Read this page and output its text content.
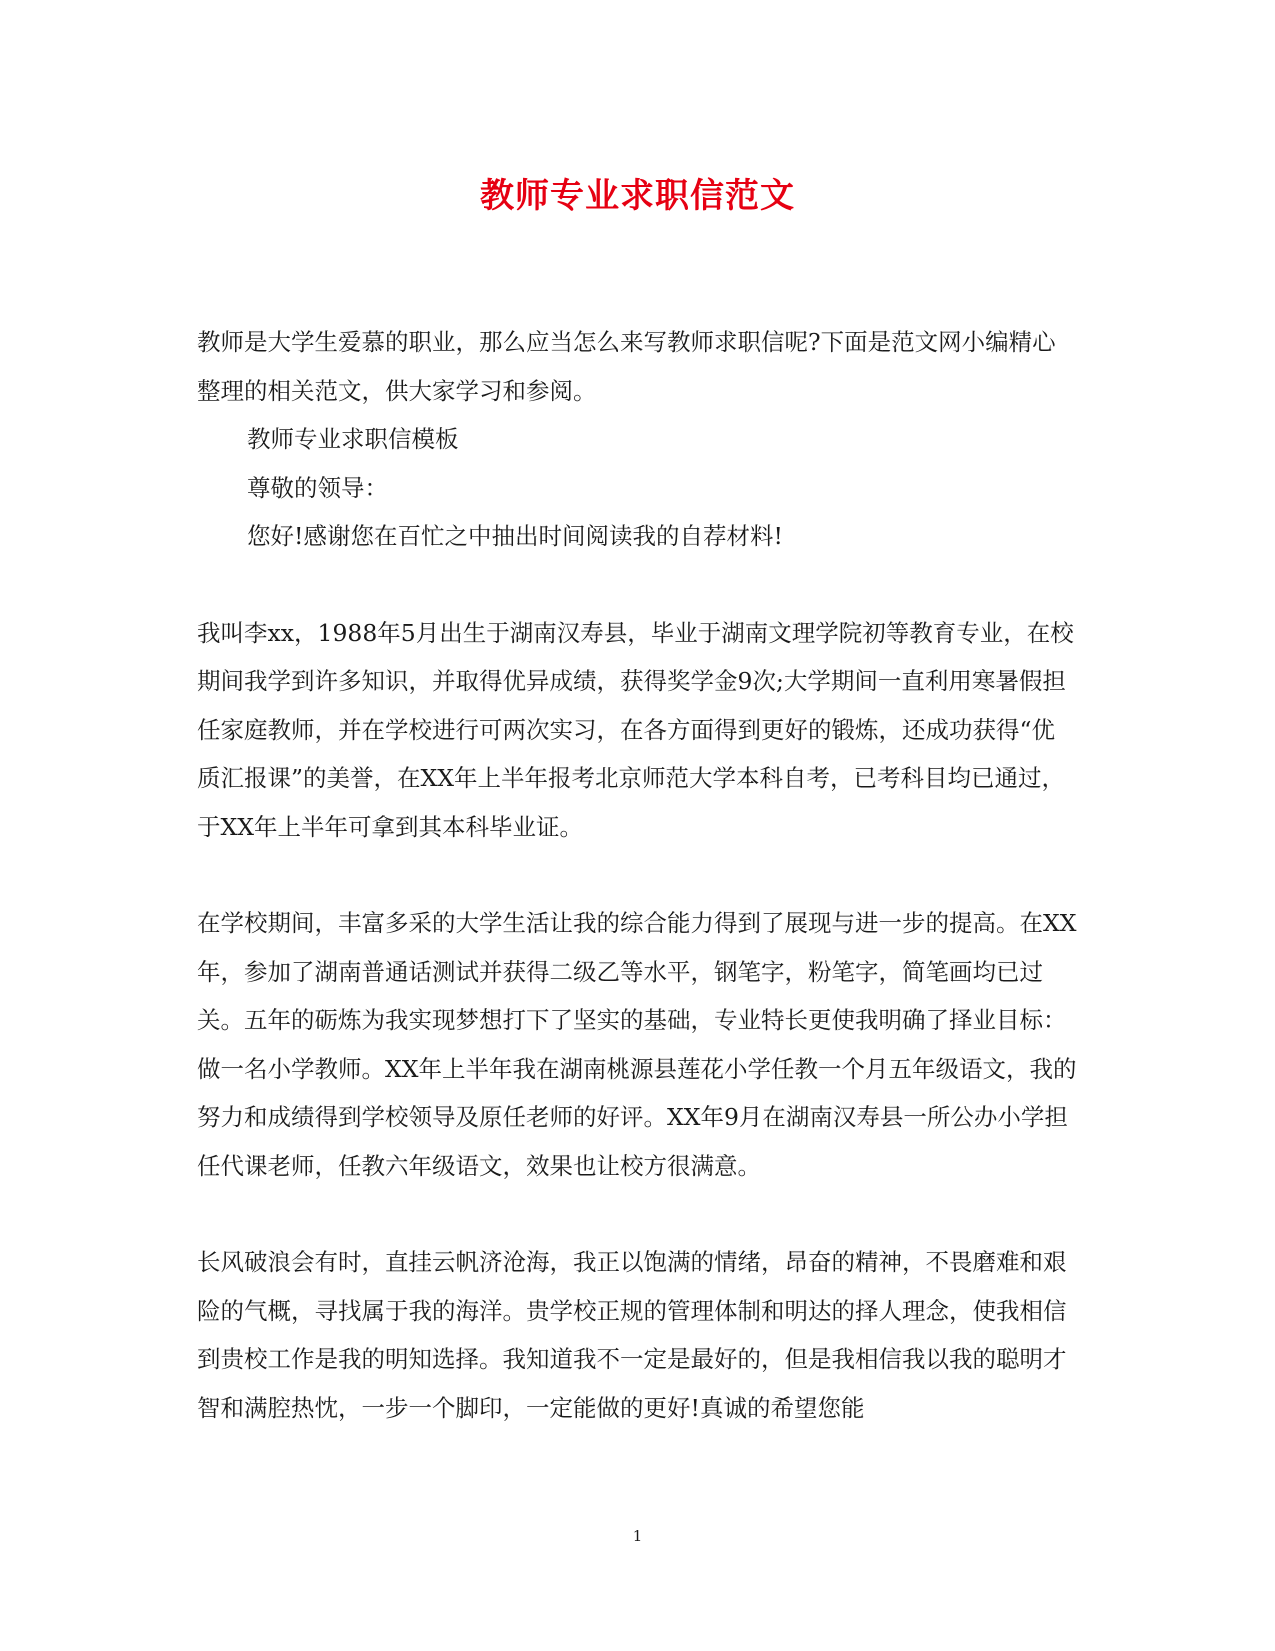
教师专业求职信范文

教师是大学生爱慕的职业，那么应当怎么来写教师求职信呢?下面是范文网小编精心整理的相关范文，供大家学习和参阅。

教师专业求职信模板

尊敬的领导：

您好!感谢您在百忙之中抽出时间阅读我的自荐材料!

我叫李xx，1988年5月出生于湖南汉寿县，毕业于湖南文理学院初等教育专业，在校期间我学到许多知识，并取得优异成绩，获得奖学金9次;大学期间一直利用寒暑假担任家庭教师，并在学校进行可两次实习，在各方面得到更好的锻炼，还成功获得“优质汇报课”的美誉，在XX年上半年报考北京师范大学本科自考，已考科目均已通过，于XX年上半年可拿到其本科毕业证。

在学校期间，丰富多采的大学生活让我的综合能力得到了展现与进一步的提高。在XX年，参加了湖南普通话测试并获得二级乙等水平，钢笔字，粉笔字，简笔画均已过关。五年的砺炼为我实现梦想打下了坚实的基础，专业特长更使我明确了择业目标：做一名小学教师。XX年上半年我在湖南桃源县莲花小学任教一个月五年级语文，我的努力和成绩得到学校领导及原任老师的好评。XX年9月在湖南汉寿县一所公办小学担任代课老师，任教六年级语文，效果也让校方很满意。

长风破浪会有时，直挂云帆济沧海，我正以饱满的情绪，昂奋的精神，不畏磨难和艰险的气概，寻找属于我的海洋。贵学校正规的管理体制和明达的择人理念，使我相信到贵校工作是我的明知选择。我知道我不一定是最好的，但是我相信我以我的聪明才智和满腔热忱，一步一个脚印，一定能做的更好!真诚的希望您能

1
